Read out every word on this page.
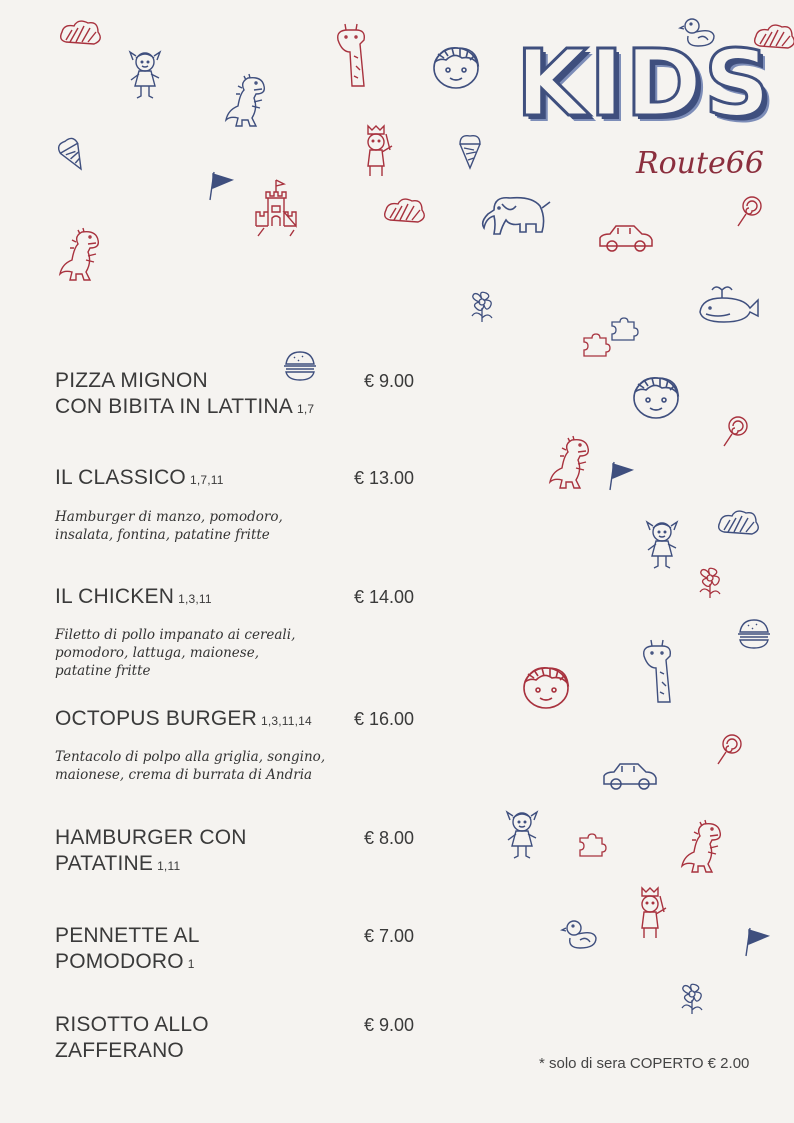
KIDS
Route66
PIZZA MIGNON
CON BIBITA IN LATTINA 1,7
€ 9.00
IL CLASSICO 1,7,11	€ 13.00
Hamburger di manzo, pomodoro,
insalata, fontina, patatine fritte
IL CHICKEN 1,3,11	€ 14.00
Filetto di pollo impanato ai cereali,
pomodoro, lattuga, maionese,
patatine fritte
OCTOPUS BURGER 1,3,11,14	€ 16.00
Tentacolo di polpo alla griglia, songino,
maionese, crema di burrata di Andria
HAMBURGER CON
PATATINE 1,11
€ 8.00
PENNETTE AL
POMODORO 1
€ 7.00
RISOTTO ALLO
ZAFFERANO
€ 9.00
* solo di sera COPERTO € 2.00
